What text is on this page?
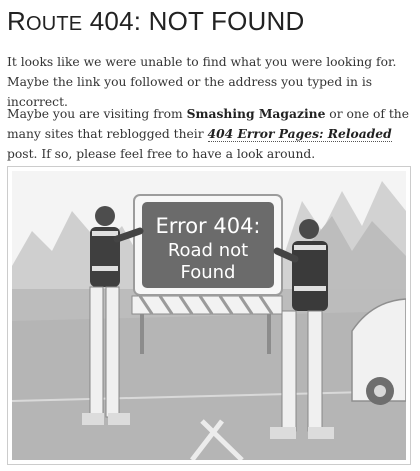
ROUTE 404: NOT FOUND

It looks like we were unable to find what you were looking for. Maybe the link you followed or the address you typed in is incorrect.

Maybe you are visiting from Smashing Magazine or one of the many sites that reblogged their 404 Error Pages: Reloaded post. If so, please feel free to have a look around.

Error 404:
Road not
Found
